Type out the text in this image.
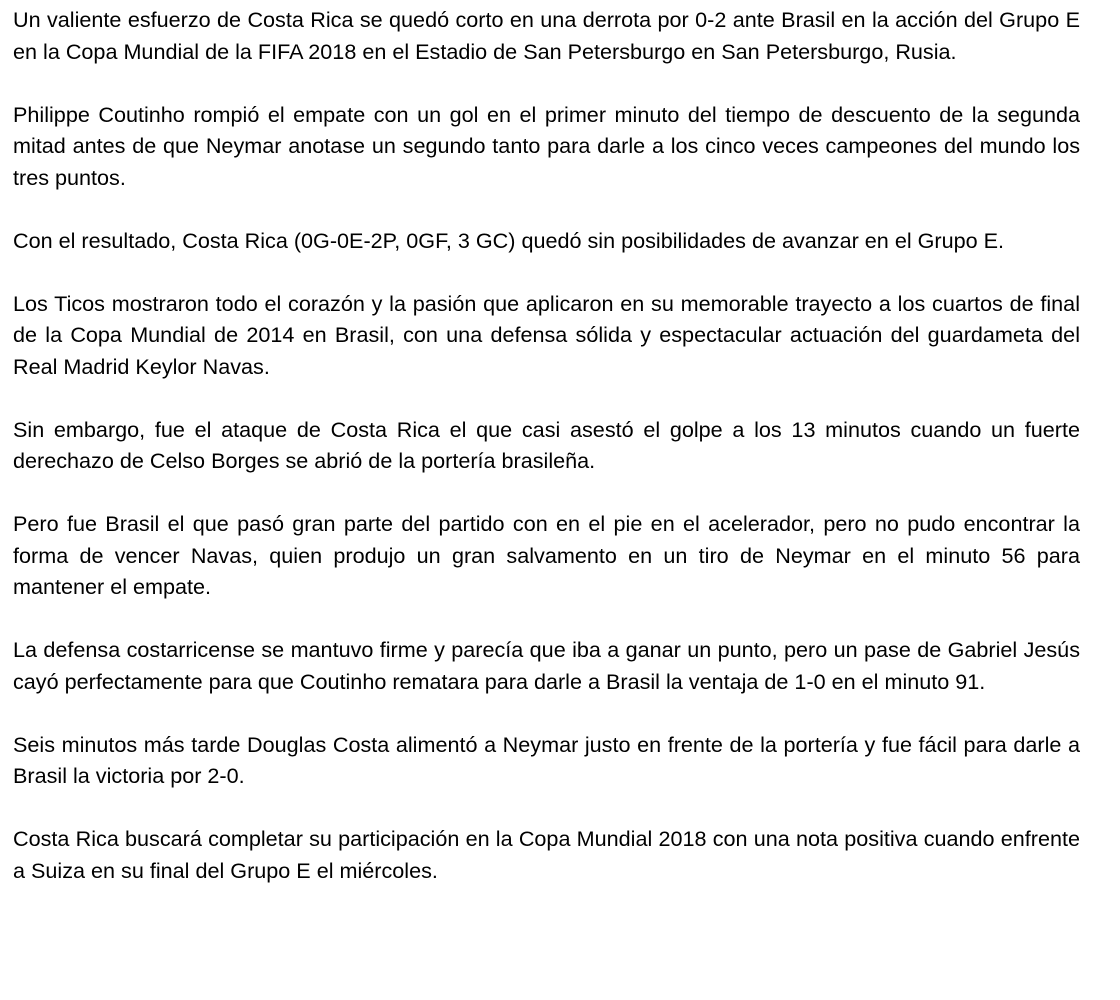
Un valiente esfuerzo de Costa Rica se quedó corto en una derrota por 0-2 ante Brasil en la acción del Grupo E en la Copa Mundial de la FIFA 2018 en el Estadio de San Petersburgo en San Petersburgo, Rusia.

Philippe Coutinho rompió el empate con un gol en el primer minuto del tiempo de descuento de la segunda mitad antes de que Neymar anotase un segundo tanto para darle a los cinco veces campeones del mundo los tres puntos.

Con el resultado, Costa Rica (0G-0E-2P, 0GF, 3 GC) quedó sin posibilidades de avanzar en el Grupo E.

Los Ticos mostraron todo el corazón y la pasión que aplicaron en su memorable trayecto a los cuartos de final de la Copa Mundial de 2014 en Brasil, con una defensa sólida y espectacular actuación del guardameta del Real Madrid Keylor Navas.

Sin embargo, fue el ataque de Costa Rica el que casi asestó el golpe a los 13 minutos cuando un fuerte derechazo de Celso Borges se abrió de la portería brasileña.

Pero fue Brasil el que pasó gran parte del partido con en el pie en el acelerador, pero no pudo encontrar la forma de vencer Navas, quien produjo un gran salvamento en un tiro de Neymar en el minuto 56 para mantener el empate.

La defensa costarricense se mantuvo firme y parecía que iba a ganar un punto, pero un pase de Gabriel Jesús cayó perfectamente para que Coutinho rematara para darle a Brasil la ventaja de 1-0 en el minuto 91.

Seis minutos más tarde Douglas Costa alimentó a Neymar justo en frente de la portería y fue fácil para darle a Brasil la victoria por 2-0.

Costa Rica buscará completar su participación en la Copa Mundial 2018 con una nota positiva cuando enfrente a Suiza en su final del Grupo E el miércoles.
